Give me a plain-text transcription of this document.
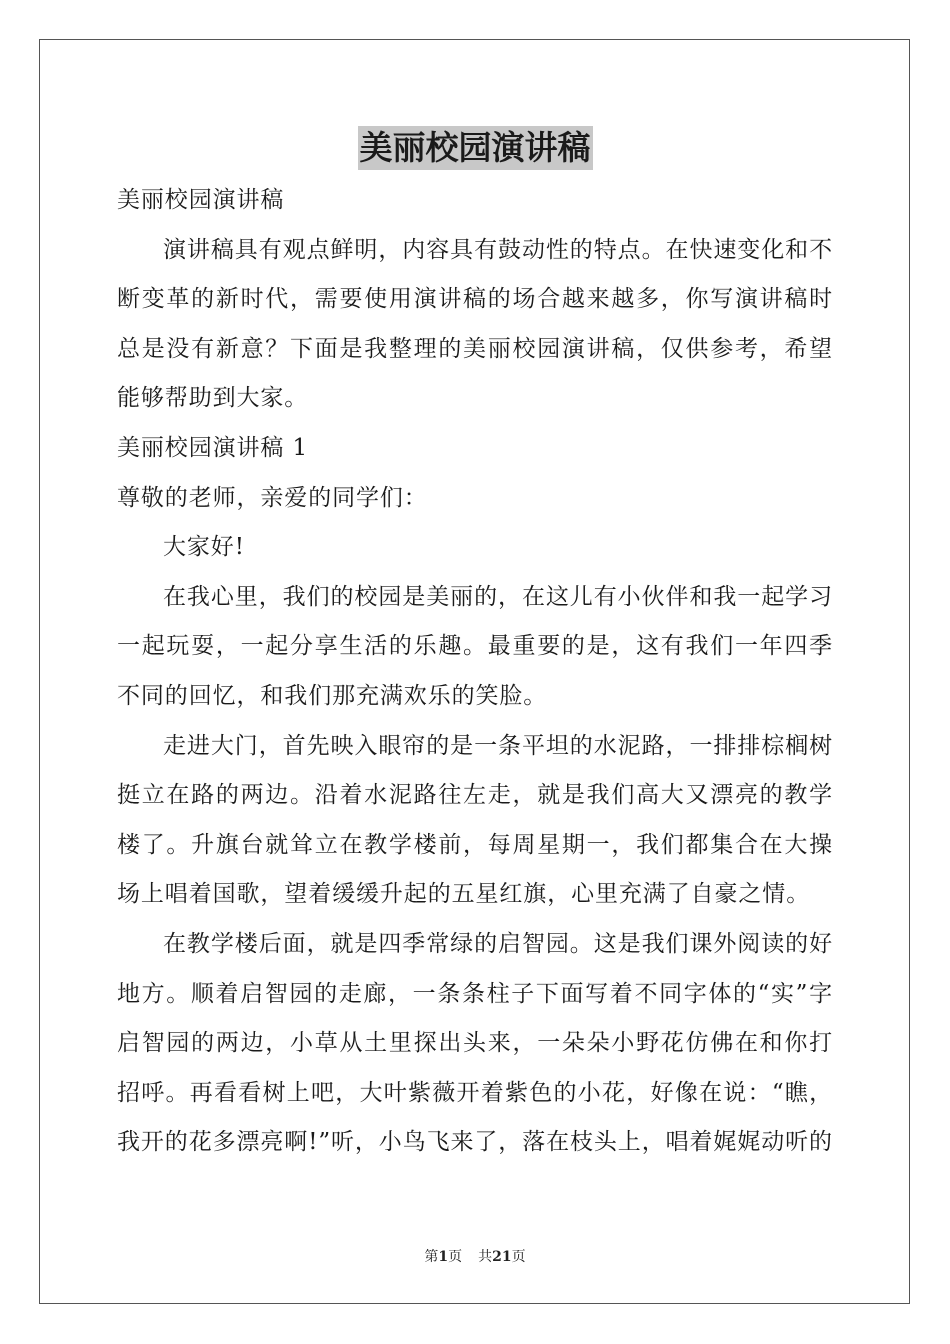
美丽校园演讲稿

美丽校园演讲稿

演讲稿具有观点鲜明，内容具有鼓动性的特点。在快速变化和不断变革的新时代，需要使用演讲稿的场合越来越多，你写演讲稿时总是没有新意？下面是我整理的美丽校园演讲稿，仅供参考，希望能够帮助到大家。

美丽校园演讲稿 1

尊敬的老师，亲爱的同学们：

大家好!

在我心里，我们的校园是美丽的，在这儿有小伙伴和我一起学习一起玩耍，一起分享生活的乐趣。最重要的是，这有我们一年四季不同的回忆，和我们那充满欢乐的笑脸。

走进大门，首先映入眼帘的是一条平坦的水泥路，一排排棕榈树挺立在路的两边。沿着水泥路往左走，就是我们高大又漂亮的教学楼了。升旗台就耸立在教学楼前，每周星期一，我们都集合在大操场上唱着国歌，望着缓缓升起的五星红旗，心里充满了自豪之情。

在教学楼后面，就是四季常绿的启智园。这是我们课外阅读的好地方。顺着启智园的走廊，一条条柱子下面写着不同字体的“实”字启智园的两边，小草从土里探出头来，一朵朵小野花仿佛在和你打招呼。再看看树上吧，大叶紫薇开着紫色的小花，好像在说：“瞧，我开的花多漂亮啊!”听，小鸟飞来了，落在枝头上，唱着娓娓动听的

第1页 共21页
